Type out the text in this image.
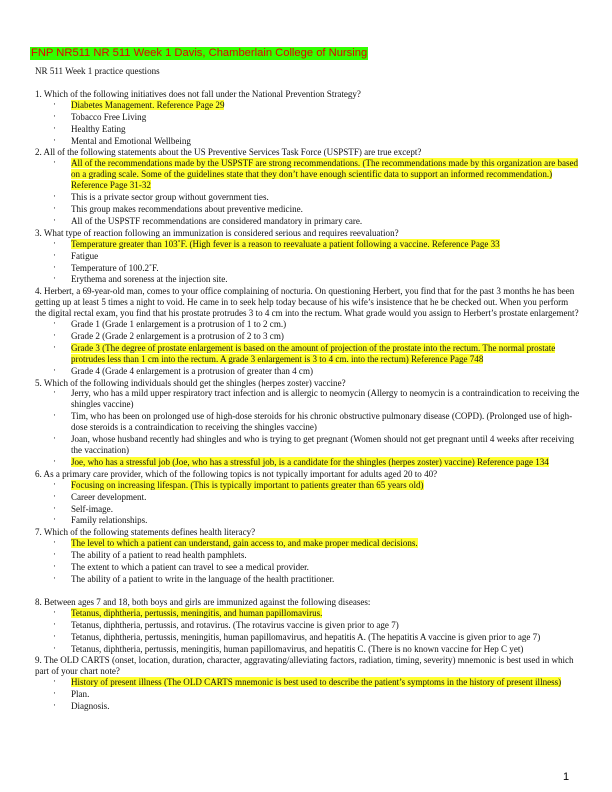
FNP NR511 NR 511 Week 1 Davis, Chamberlain College of Nursing

NR 511 Week 1 practice questions

1. Which of the following initiatives does not fall under the National Prevention Strategy?

· Diabetes Management. Reference Page 29
· Tobacco Free Living
· Healthy Eating
· Mental and Emotional Wellbeing

2. All of the following statements about the US Preventive Services Task Force (USPSTF) are true except?

· All of the recommendations made by the USPSTF are strong recommendations. (The recommendations made by this organization are based on a grading scale. Some of the guidelines state that they don’t have enough scientific data to support an informed recommendation.) Reference Page 31-32
· This is a private sector group without government ties.
· This group makes recommendations about preventive medicine.
· All of the USPSTF recommendations are considered mandatory in primary care.

3. What type of reaction following an immunization is considered serious and requires reevaluation?

· Temperature greater than 103˚F. (High fever is a reason to reevaluate a patient following a vaccine. Reference Page 33
· Fatigue
· Temperature of 100.2˚F.
· Erythema and soreness at the injection site.

4. Herbert, a 69-year-old man, comes to your office complaining of nocturia. On questioning Herbert, you find that for the past 3 months he has been getting up at least 5 times a night to void. He came in to seek help today because of his wife’s insistence that he be checked out. When you perform the digital rectal exam, you find that his prostate protrudes 3 to 4 cm into the rectum. What grade would you assign to Herbert’s prostate enlargement?

· Grade 1 (Grade 1 enlargement is a protrusion of 1 to 2 cm.)
· Grade 2 (Grade 2 enlargement is a protrusion of 2 to 3 cm)
· Grade 3 (The degree of prostate enlargement is based on the amount of projection of the prostate into the rectum. The normal prostate protrudes less than 1 cm into the rectum. A grade 3 enlargement is 3 to 4 cm. into the rectum) Reference Page 748
· Grade 4 (Grade 4 enlargement is a protrusion of greater than 4 cm)

5. Which of the following individuals should get the shingles (herpes zoster) vaccine?

· Jerry, who has a mild upper respiratory tract infection and is allergic to neomycin (Allergy to neomycin is a contraindication to receiving the shingles vaccine)
· Tim, who has been on prolonged use of high-dose steroids for his chronic obstructive pulmonary disease (COPD). (Prolonged use of high-dose steroids is a contraindication to receiving the shingles vaccine)
· Joan, whose husband recently had shingles and who is trying to get pregnant (Women should not get pregnant until 4 weeks after receiving the vaccination)
· Joe, who has a stressful job (Joe, who has a stressful job, is a candidate for the shingles (herpes zoster) vaccine) Reference page 134

6. As a primary care provider, which of the following topics is not typically important for adults aged 20 to 40?

· Focusing on increasing lifespan. (This is typically important to patients greater than 65 years old)
· Career development.
· Self-image.
· Family relationships.

7. Which of the following statements defines health literacy?

· The level to which a patient can understand, gain access to, and make proper medical decisions.
· The ability of a patient to read health pamphlets.
· The extent to which a patient can travel to see a medical provider.
· The ability of a patient to write in the language of the health practitioner.

8. Between ages 7 and 18, both boys and girls are immunized against the following diseases:

· Tetanus, diphtheria, pertussis, meningitis, and human papillomavirus.
· Tetanus, diphtheria, pertussis, and rotavirus. (The rotavirus vaccine is given prior to age 7)
· Tetanus, diphtheria, pertussis, meningitis, human papillomavirus, and hepatitis A. (The hepatitis A vaccine is given prior to age 7)
· Tetanus, diphtheria, pertussis, meningitis, human papillomavirus, and hepatitis C. (There is no known vaccine for Hep C yet)

9. The OLD CARTS (onset, location, duration, character, aggravating/alleviating factors, radiation, timing, severity) mnemonic is best used in which part of your chart note?

· History of present illness (The OLD CARTS mnemonic is best used to describe the patient’s symptoms in the history of present illness)
· Plan.
· Diagnosis.
1
